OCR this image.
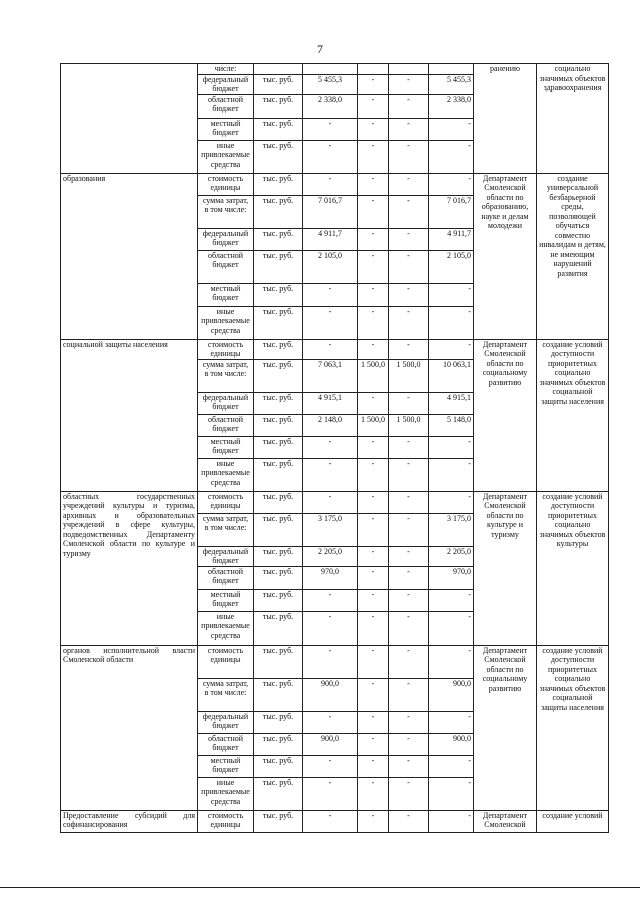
7
	числе:						ранению	социально значимых объектов здравоохранения
	федеральный бюджет	тыс. руб.	5 455,3	-	-	5 455,3		
	областной бюджет	тыс. руб.	2 338,0	-	-	2 338,0		
	местный бюджет	тыс. руб.	-	-	-	-		
	иные привлекаемые средства	тыс. руб.	-	-	-	-		
образования	стоимость единицы	тыс. руб.	-	-	-	-	Департамент Смоленской области по образованию, науке и делам молодежи	создание универсальной безбарьерной среды, позволяющей обучаться совместно инвалидам и детям, не имеющим нарушений развития
	сумма затрат, в том числе:	тыс. руб.	7 016,7	-	-	7 016,7		
	федеральный бюджет	тыс. руб.	4 911,7	-	-	4 911,7		
	областной бюджет	тыс. руб.	2 105,0	-	-	2 105,0		
	местный бюджет	тыс. руб.	-	-	-	-		
	иные привлекаемые средства	тыс. руб.	-	-	-	-		
социальной защиты населения	стоимость единицы	тыс. руб.	-	-	-	-	Департамент Смоленской области по социальному развитию	создание условий доступности приоритетных социально значимых объектов социальной защиты населения
	сумма затрат, в том числе:	тыс. руб.	7 063,1	1 500,0	1 500,0	10 063,1		
	федеральный бюджет	тыс. руб.	4 915,1	-	-	4 915,1		
	областной бюджет	тыс. руб.	2 148,0	1 500,0	1 500,0	5 148,0		
	местный бюджет	тыс. руб.	-	-	-	-		
	иные привлекаемые средства	тыс. руб.	-	-	-	-		
областных государственных учреждений культуры и туризма, архивных и образовательных учреждений в сфере культуры, подведомственных Департаменту Смоленской области по культуре и туризму	стоимость единицы	тыс. руб.	-	-	-	-	Департамент Смоленской области по культуре и туризму	создание условий доступности приоритетных социально значимых объектов культуры
	сумма затрат, в том числе:	тыс. руб.	3 175,0	-	-	3 175,0		
	федеральный бюджет	тыс. руб.	2 205,0	-	-	2 205,0		
	областной бюджет	тыс. руб.	970,0	-	-	970,0		
	местный бюджет	тыс. руб.	-	-	-	-		
	иные привлекаемые средства	тыс. руб.	-	-	-	-		
органов исполнительной власти Смоленской области	стоимость единицы	тыс. руб.	-	-	-	-	Департамент Смоленской области по социальному развитию	создание условий доступности приоритетных социально значимых объектов социальной защиты населения
	сумма затрат, в том числе:	тыс. руб.	900,0	-	-	900,0		
	федеральный бюджет	тыс. руб.	-	-	-	-		
	областной бюджет	тыс. руб.	900,0	-	-	900,0		
	местный бюджет	тыс. руб.	-	-	-	-		
	иные привлекаемые средства	тыс. руб.	-	-	-	-		
Предоставление субсидий для софинансирования	стоимость единицы	тыс. руб.	-	-	-	-	Департамент Смоленской	создание условий
